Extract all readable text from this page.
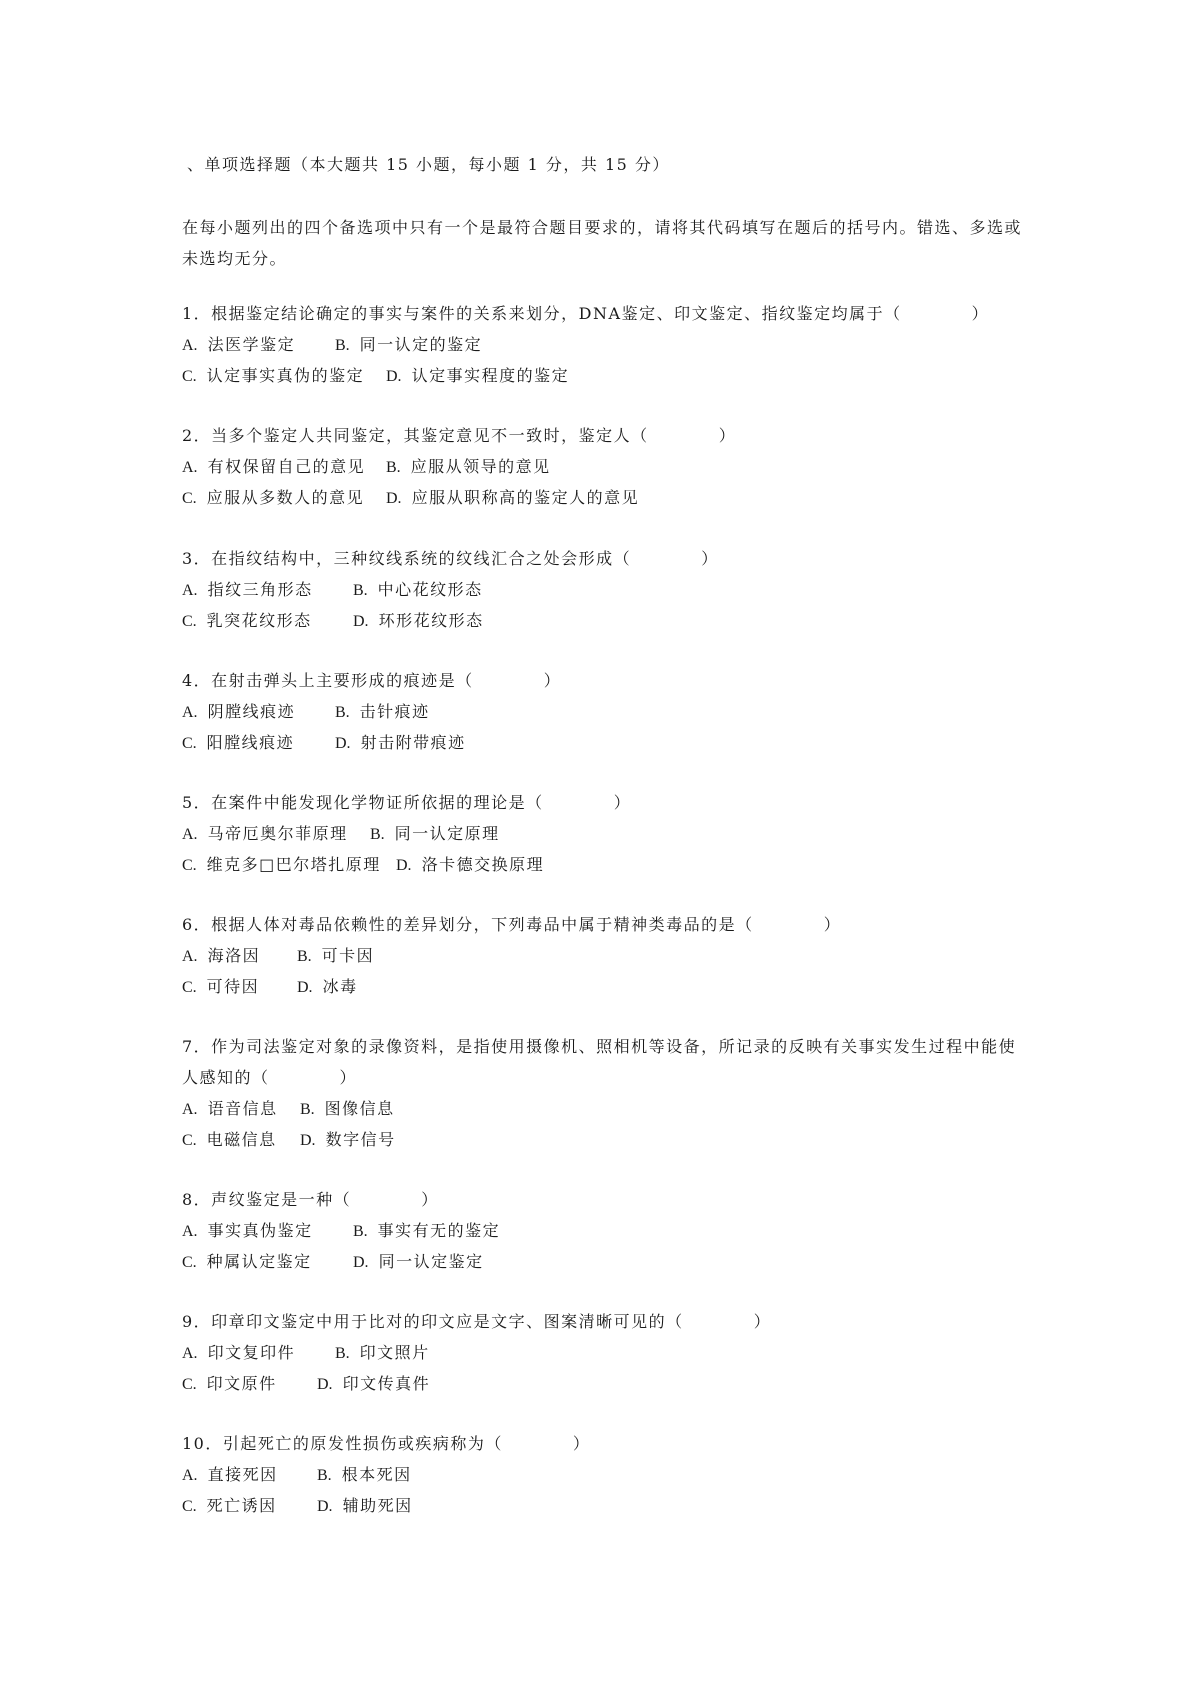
、单项选择题（本大题共 15 小题，每小题 1 分，共 15 分）
在每小题列出的四个备选项中只有一个是最符合题目要求的，请将其代码填写在题后的括号内。错选、多选或未选均无分。
1．根据鉴定结论确定的事实与案件的关系来划分，DNA鉴定、印文鉴定、指纹鉴定均属于（	）
A. 法医学鉴定 B. 同一认定的鉴定
C. 认定事实真伪的鉴定 D. 认定事实程度的鉴定
2．当多个鉴定人共同鉴定，其鉴定意见不一致时，鉴定人（	）
A. 有权保留自己的意见 B. 应服从领导的意见
C. 应服从多数人的意见 D. 应服从职称高的鉴定人的意见
3．在指纹结构中，三种纹线系统的纹线汇合之处会形成（	）
A. 指纹三角形态	B. 中心花纹形态
C. 乳突花纹形态	D. 环形花纹形态
4．在射击弹头上主要形成的痕迹是（	）
A. 阴膛线痕迹 B. 击针痕迹
C. 阳膛线痕迹	D. 射击附带痕迹
5．在案件中能发现化学物证所依据的理论是（	）
A. 马帝厄奥尔菲原理 B. 同一认定原理
C. 维克多□巴尔塔扎原理 D. 洛卡德交换原理
6．根据人体对毒品依赖性的差异划分，下列毒品中属于精神类毒品的是（	）
A. 海洛因 B. 可卡因
C. 可待因 D. 冰毒
7．作为司法鉴定对象的录像资料，是指使用摄像机、照相机等设备，所记录的反映有关事实发生过程中能使人感知的（	）
A. 语音信息 B. 图像信息
C. 电磁信息 D. 数字信号
8．声纹鉴定是一种（	）
A. 事实真伪鉴定	B. 事实有无的鉴定
C. 种属认定鉴定	D. 同一认定鉴定
9．印章印文鉴定中用于比对的印文应是文字、图案清晰可见的（	）
A. 印文复印件 B. 印文照片
C. 印文原件	D. 印文传真件
10．引起死亡的原发性损伤或疾病称为（	）
A. 直接死因 B. 根本死因
C. 死亡诱因	D. 辅助死因
